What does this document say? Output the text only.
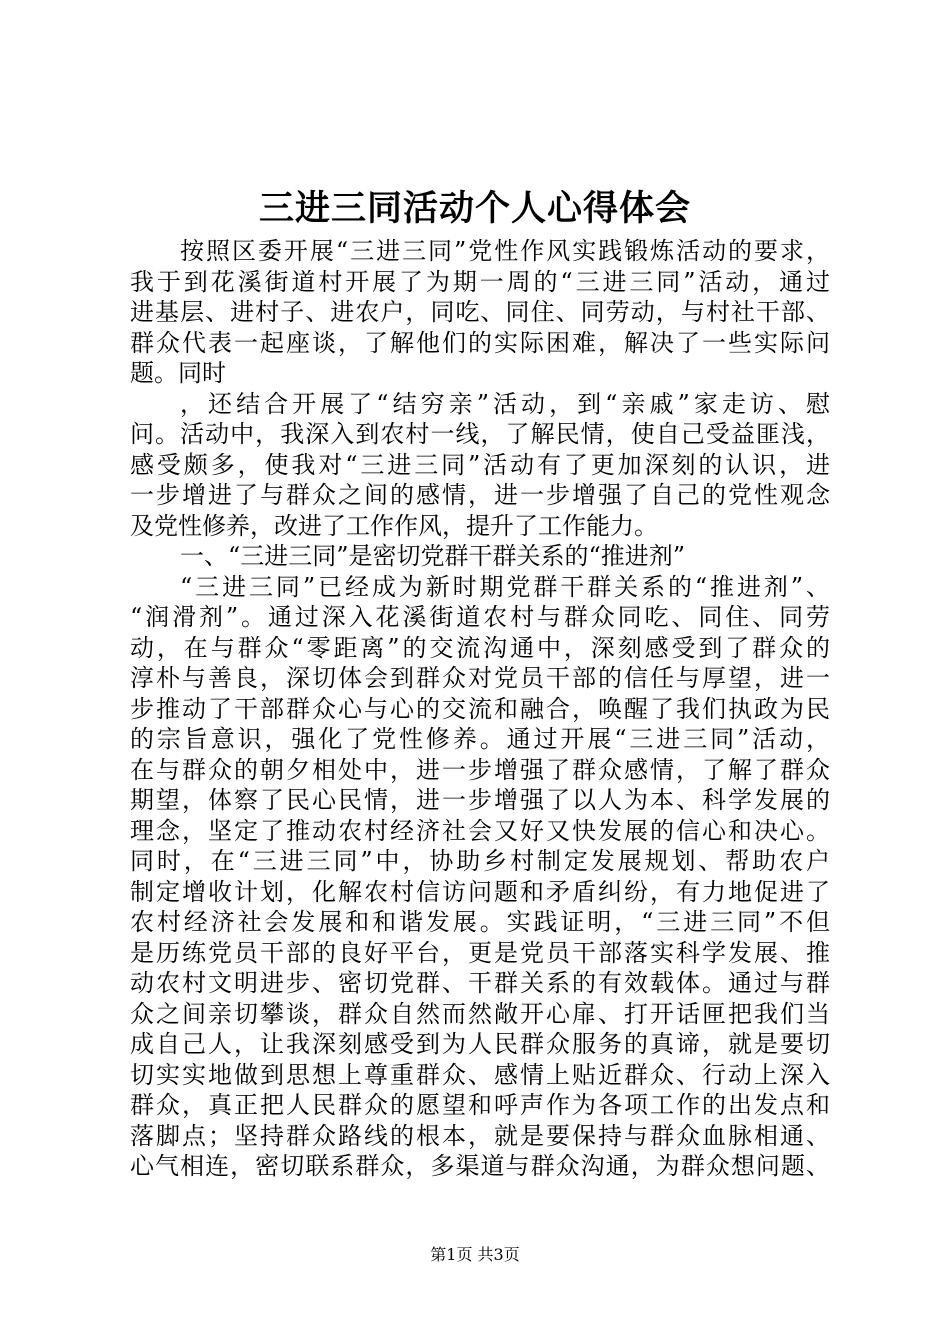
三进三同活动个人心得体会
按照区委开展“三进三同”党性作风实践锻炼活动的要求，
我于到花溪街道村开展了为期一周的“三进三同”活动，通过
进基层、进村子、进农户，同吃、同住、同劳动，与村社干部、
群众代表一起座谈，了解他们的实际困难，解决了一些实际问
题。同时
，还结合开展了“结穷亲”活动，到“亲戚”家走访、慰
问。活动中，我深入到农村一线，了解民情，使自己受益匪浅，
感受颇多，使我对“三进三同”活动有了更加深刻的认识，进
一步增进了与群众之间的感情，进一步增强了自己的党性观念
及党性修养，改进了工作作风，提升了工作能力。
一、“三进三同”是密切党群干群关系的“推进剂”
“三进三同”已经成为新时期党群干群关系的“推进剂”、
“润滑剂”。通过深入花溪街道农村与群众同吃、同住、同劳
动，在与群众“零距离”的交流沟通中，深刻感受到了群众的
淳朴与善良，深切体会到群众对党员干部的信任与厚望，进一
步推动了干部群众心与心的交流和融合，唤醒了我们执政为民
的宗旨意识，强化了党性修养。通过开展“三进三同”活动，
在与群众的朝夕相处中，进一步增强了群众感情，了解了群众
期望，体察了民心民情，进一步增强了以人为本、科学发展的
理念，坚定了推动农村经济社会又好又快发展的信心和决心。
同时，在“三进三同”中，协助乡村制定发展规划、帮助农户
制定增收计划，化解农村信访问题和矛盾纠纷，有力地促进了
农村经济社会发展和和谐发展。实践证明，“三进三同”不但
是历练党员干部的良好平台，更是党员干部落实科学发展、推
动农村文明进步、密切党群、干群关系的有效载体。通过与群
众之间亲切攀谈，群众自然而然敞开心扉、打开话匣把我们当
成自己人，让我深刻感受到为人民群众服务的真谛，就是要切
切实实地做到思想上尊重群众、感情上贴近群众、行动上深入
群众，真正把人民群众的愿望和呼声作为各项工作的出发点和
落脚点；坚持群众路线的根本，就是要保持与群众血脉相通、
心气相连，密切联系群众，多渠道与群众沟通，为群众想问题、
第1页 共3页
